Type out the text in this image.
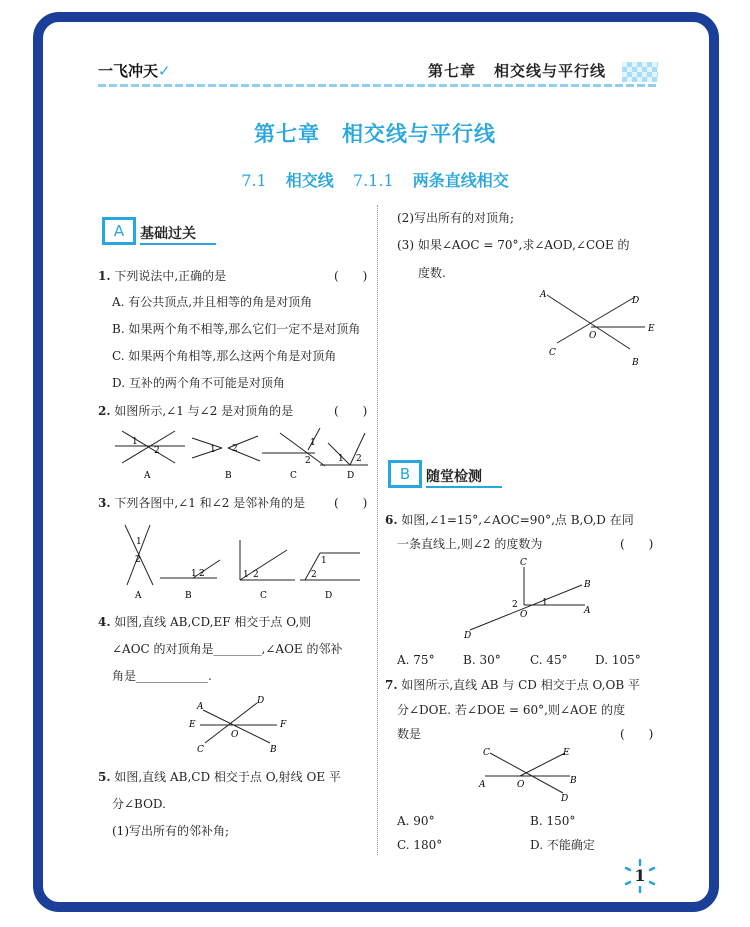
一飞冲天✓	第七章 相交线与平行线
第七章 相交线与平行线
7.1 相交线 7.1.1 两条直线相交
A	基础过关
1. 下列说法中,正确的是	(　　)
A. 有公共顶点,并且相等的角是对顶角
B. 如果两个角不相等,那么它们一定不是对顶角
C. 如果两个角相等,那么这两个角是对顶角
D. 互补的两个角不可能是对顶角
2. 如图所示,∠1 与∠2 是对顶角的是	(　　)
1
2
A
1 2
B
1
2
C
1 2
D
3. 下列各图中,∠1 和∠2 是邻补角的是 (　　)
1
2
A
1 2
B
1 2
C
1
2
D
4. 如图,直线 AB,CD,EF 相交于点 O,则
∠AOC 的对顶角是________,∠AOE 的邻补
角是____________.
A
D
E	F
O
C	B
5. 如图,直线 AB,CD 相交于点 O,射线 OE 平
分∠BOD.
(1)写出所有的邻补角;
(2)写出所有的对顶角;
(3) 如果∠AOC = 70°,求∠AOD,∠COE 的
度数.
A
D
E
O
C
B
B	随堂检测
6. 如图,∠1=15°,∠AOC=90°,点 B,O,D 在同
一条直线上,则∠2 的度数为	(　　)
C
B
2	1
O	A
D
A. 75° B. 30° C. 45° D. 105°
7. 如图所示,直线 AB 与 CD 相交于点 O,OB 平
分∠DOE. 若∠DOE = 60°,则∠AOE 的度
数是	(　　)
C	E
A	O	B
D
A. 90°	B. 150°
C. 180°	D. 不能确定
1
